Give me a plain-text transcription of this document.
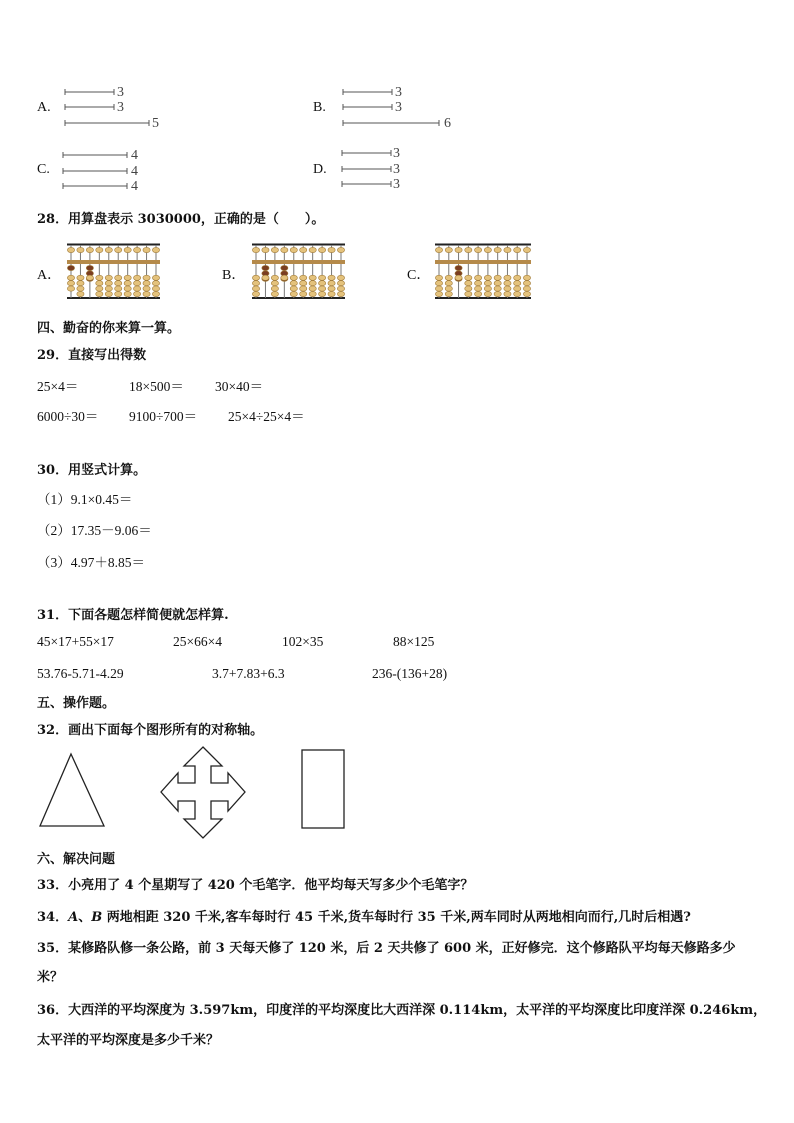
A.
3
3
5
B.
3
3
6
C.
4
4
4
D.
3
3
3
28．用算盘表示 3030000，正确的是（　　）。
A．	B．	C．
四、勤奋的你来算一算。
29．直接写出得数
25×4＝	18×500＝ 30×40＝
6000÷30＝ 9100÷700＝ 25×4÷25×4＝
30．用竖式计算。
（1）9.1×0.45＝
（2）17.35－9.06＝
（3）4.97＋8.85＝
31．下面各题怎样简便就怎样算.
45×17+55×17	25×66×4	102×35	88×125
53.76-5.71-4.29	3.7+7.83+6.3	236-(136+28)
五、操作题。
32．画出下面每个图形所有的对称轴。
六、解决问题
33．小亮用了 4 个星期写了 420 个毛笔字．他平均每天写多少个毛笔字？
34．A、B 两地相距 320 千米,客车每时行 45 千米,货车每时行 35 千米,两车同时从两地相向而行,几时后相遇?
35．某修路队修一条公路，前 3 天每天修了 120 米，后 2 天共修了 600 米，正好修完．这个修路队平均每天修路多少
米？
36．大西洋的平均深度为 3.597km，印度洋的平均深度比大西洋深 0.114km，太平洋的平均深度比印度洋深 0.246km，
太平洋的平均深度是多少千米？
